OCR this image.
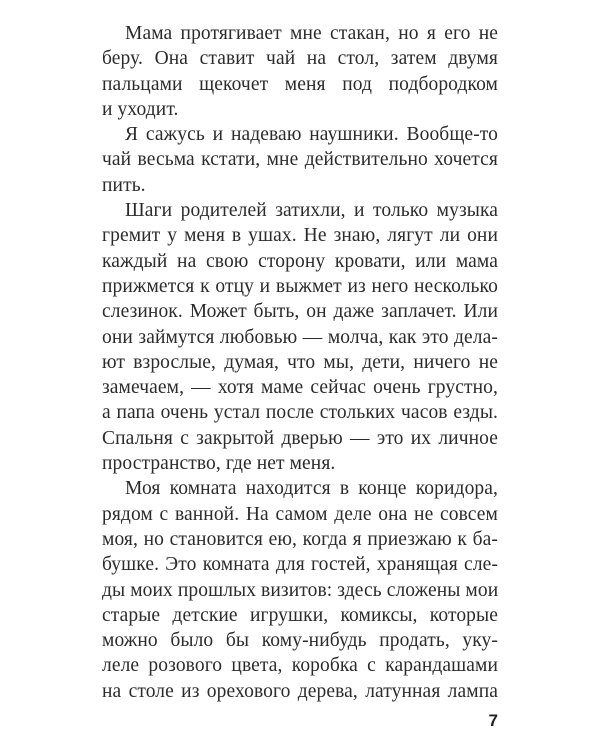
Мама протягивает мне стакан, но я его не
беру. Она ставит чай на стол, затем двумя
пальцами щекочет меня под подбородком
и уходит.
Я сажусь и надеваю наушники. Вообще-то
чай весьма кстати, мне действительно хочется
пить.
Шаги родителей затихли, и только музыка
гремит у меня в ушах. Не знаю, лягут ли они
каждый на свою сторону кровати, или мама
прижмется к отцу и выжмет из него несколько
слезинок. Может быть, он даже заплачет. Или
они займутся любовью — молча, как это дела-
ют взрослые, думая, что мы, дети, ничего не
замечаем, — хотя маме сейчас очень грустно,
а папа очень устал после стольких часов езды.
Спальня с закрытой дверью — это их личное
пространство, где нет меня.
Моя комната находится в конце коридора,
рядом с ванной. На самом деле она не совсем
моя, но становится ею, когда я приезжаю к ба-
бушке. Это комната для гостей, хранящая сле-
ды моих прошлых визитов: здесь сложены мои
старые детские игрушки, комиксы, которые
можно было бы кому-нибудь продать, уку-
леле розового цвета, коробка с карандашами
на столе из орехового дерева, латунная лампа
7
